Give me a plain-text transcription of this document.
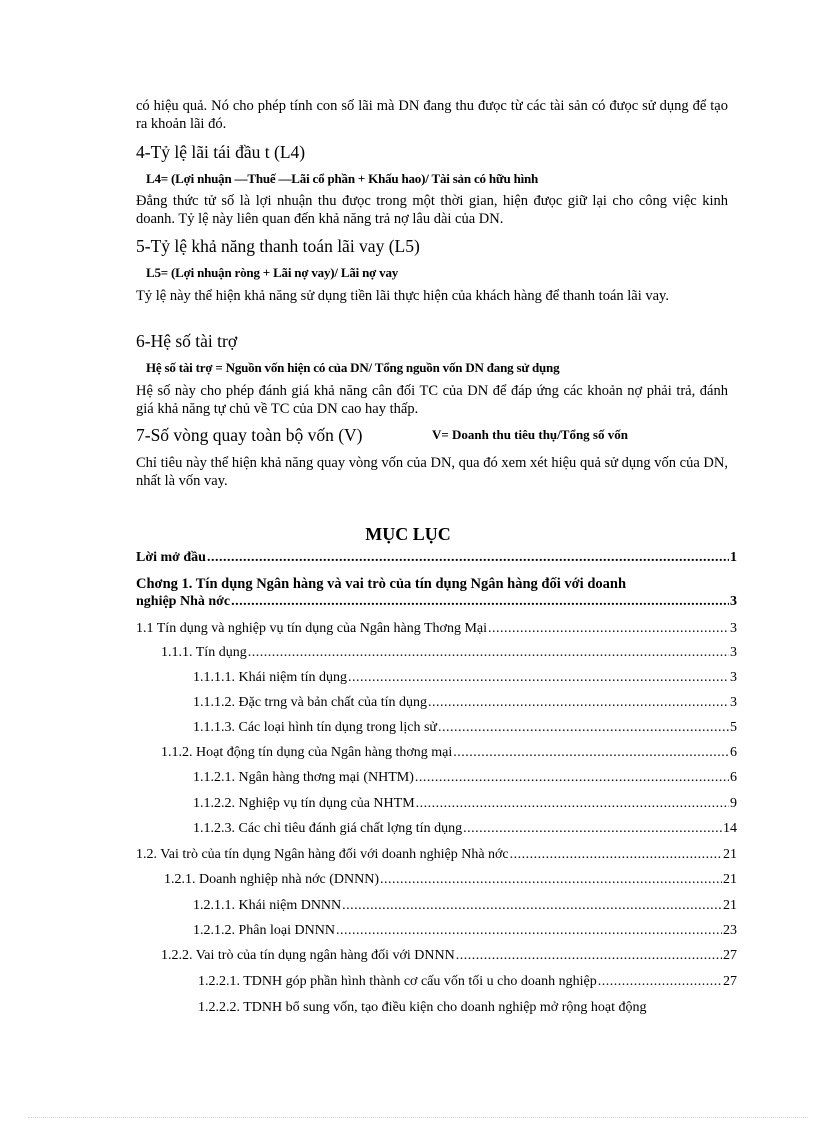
có hiệu quả. Nó cho phép tính con số lãi mà DN đang thu đưọc từ các tài sản có đưọc sử dụng để tạo ra khoản lãi đó.
4-Tỷ lệ lãi tái đầu t (L4)
L4= (Lợi nhuận —Thuế —Lãi cổ phần + Khấu hao)/ Tài sản có hữu hình
Đẳng thức tử số là lợi nhuận thu đưọc trong một thời gian, hiện đưọc giữ lại cho công việc kinh doanh. Tỷ lệ này liên quan đến khả năng trả nợ lâu dài của DN.
5-Tỷ lệ khả năng thanh toán lãi vay (L5)
L5= (Lợi nhuận ròng + Lãi nợ vay)/ Lãi nợ vay
Tỷ lệ này thể hiện khả năng sử dụng tiền lãi thực hiện của khách hàng để thanh toán lãi vay.
6-Hệ số tài trợ
Hệ số tài trợ = Nguồn vốn hiện có của DN/ Tổng nguồn vốn DN đang sử dụng
Hệ số này cho phép đánh giá khả năng cân đối TC của DN để đáp ứng các khoản nợ phải trả, đánh giá khả năng tự chủ về TC của DN cao hay thấp.
7-Số vòng quay toàn bộ vốn (V)	V= Doanh thu tiêu thụ/Tổng số vốn
Chỉ tiêu này thể hiện khả năng quay vòng vốn của DN, qua đó xem xét hiệu quả sử dụng vốn của DN, nhất là vốn vay.
MỤC LỤC
Lời mở đầu .....	1
Chơng 1. Tín dụng Ngân hàng và vai trò của tín dụng Ngân hàng đối với doanh
nghiệp Nhà nớc .....	3
1.1 Tín dụng và nghiệp vụ tín dụng của Ngân hàng Thơng Mại .....	3
1.1.1. Tín dụng .....	3
1.1.1.1. Khái niệm tín dụng .....	3
1.1.1.2. Đặc trng và bản chất của tín dụng .....	3
1.1.1.3. Các loại hình tín dụng trong lịch sử .....	5
1.1.2. Hoạt động tín dụng của Ngân hàng thơng mại .....	6
1.1.2.1. Ngân hàng thơng mại (NHTM) .....	6
1.1.2.2. Nghiệp vụ tín dụng của NHTM .....	9
1.1.2.3. Các chỉ tiêu đánh giá chất lợng tín dụng .....	14
1.2. Vai trò của tín dụng Ngân hàng đối với doanh nghiệp Nhà nớc .....	21
1.2.1. Doanh nghiệp nhà nớc (DNNN) .....	21
1.2.1.1. Khái niệm DNNN .....	21
1.2.1.2. Phân loại DNNN .....	23
1.2.2. Vai trò của tín dụng ngân hàng đối với DNNN .....	27
1.2.2.1. TDNH góp phần hình thành cơ cấu vốn tối u cho doanh nghiệp .....	27
1.2.2.2. TDNH bổ sung vốn, tạo điều kiện cho doanh nghiệp mở rộng hoạt động
